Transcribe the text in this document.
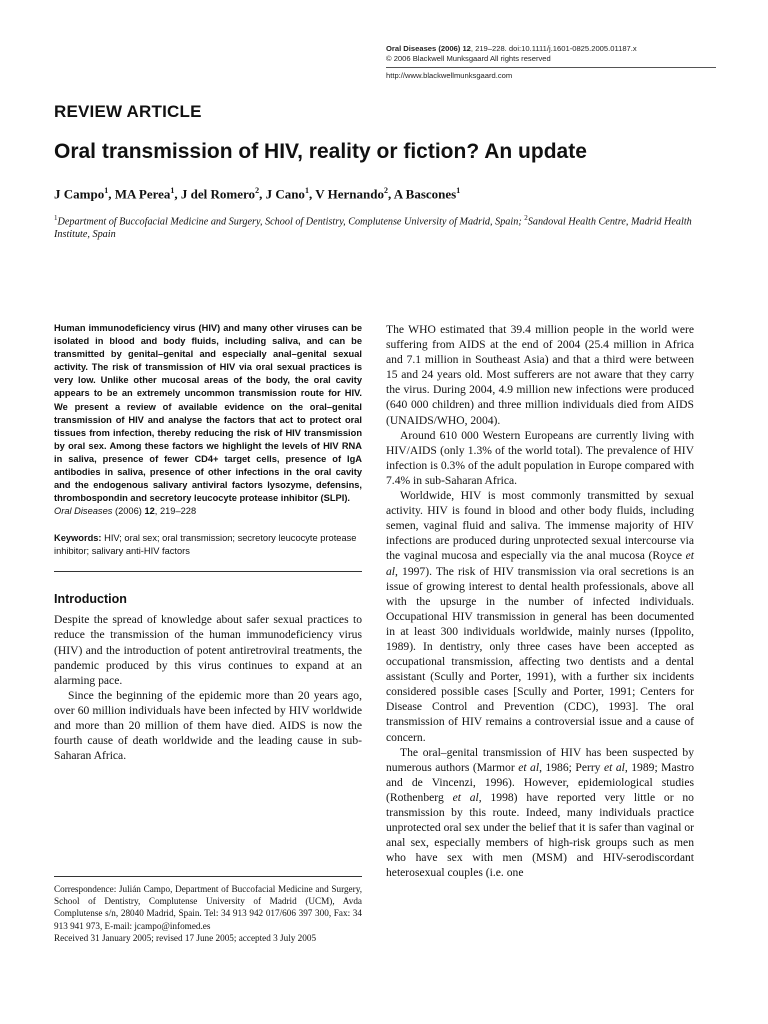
Oral Diseases (2006) 12, 219–228. doi:10.1111/j.1601-0825.2005.01187.x
© 2006 Blackwell Munksgaard All rights reserved
http://www.blackwellmunksgaard.com
REVIEW ARTICLE
Oral transmission of HIV, reality or fiction? An update
J Campo$^1$, MA Perea$^1$, J del Romero$^2$, J Cano$^1$, V Hernando$^2$, A Bascones$^1$
$^1$Department of Buccofacial Medicine and Surgery, School of Dentistry, Complutense University of Madrid, Spain; $^2$Sandoval Health Centre, Madrid Health Institute, Spain

Human immunodeficiency virus (HIV) and many other viruses can be isolated in blood and body fluids, including saliva, and can be transmitted by genital–genital and especially anal–genital sexual activity. The risk of transmission of HIV via oral sexual practices is very low. Unlike other mucosal areas of the body, the oral cavity appears to be an extremely uncommon transmission route for HIV. We present a review of available evidence on the oral–genital transmission of HIV and analyse the factors that act to protect oral tissues from infection, thereby reducing the risk of HIV transmission by oral sex. Among these factors we highlight the levels of HIV RNA in saliva, presence of fewer CD4+ target cells, presence of IgA antibodies in saliva, presence of other infections in the oral cavity and the endogenous salivary antiviral factors lysozyme, defensins, thrombospondin and secretory leucocyte protease inhibitor (SLPI).

Oral Diseases (2006) 12, 219–228

Keywords: HIV; oral sex; oral transmission; secretory leucocyte protease inhibitor; salivary anti-HIV factors

Introduction

Despite the spread of knowledge about safer sexual practices to reduce the transmission of the human immunodeficiency virus (HIV) and the introduction of potent antiretroviral treatments, the pandemic produced by this virus continues to expand at an alarming pace.

Since the beginning of the epidemic more than 20 years ago, over 60 million individuals have been infected by HIV worldwide and more than 20 million of them have died. AIDS is now the fourth cause of death worldwide and the leading cause in sub-Saharan Africa.

Correspondence: Julián Campo, Department of Buccofacial Medicine and Surgery, School of Dentistry, Complutense University of Madrid (UCM), Avda Complutense s/n, 28040 Madrid, Spain. Tel: 34 913 942 017/606 397 300, Fax: 34 913 941 973, E-mail: jcampo@infomed.es

Received 31 January 2005; revised 17 June 2005; accepted 3 July 2005

The WHO estimated that 39.4 million people in the world were suffering from AIDS at the end of 2004 (25.4 million in Africa and 7.1 million in Southeast Asia) and that a third were between 15 and 24 years old. Most sufferers are not aware that they carry the virus. During 2004, 4.9 million new infections were produced (640 000 children) and three million individuals died from AIDS (UNAIDS/WHO, 2004).

Around 610 000 Western Europeans are currently living with HIV/AIDS (only 1.3% of the world total). The prevalence of HIV infection is 0.3% of the adult population in Europe compared with 7.4% in sub-Saharan Africa.

Worldwide, HIV is most commonly transmitted by sexual activity. HIV is found in blood and other body fluids, including semen, vaginal fluid and saliva. The immense majority of HIV infections are produced during unprotected sexual intercourse via the vaginal mucosa and especially via the anal mucosa (Royce et al, 1997). The risk of HIV transmission via oral secretions is an issue of growing interest to dental health professionals, above all with the upsurge in the number of infected individuals. Occupational HIV transmission in general has been documented in at least 300 individuals worldwide, mainly nurses (Ippolito, 1989). In dentistry, only three cases have been accepted as occupational transmission, affecting two dentists and a dental assistant (Scully and Porter, 1991), with a further six incidents considered possible cases [Scully and Porter, 1991; Centers for Disease Control and Prevention (CDC), 1993]. The oral transmission of HIV remains a controversial issue and a cause of concern.

The oral–genital transmission of HIV has been suspected by numerous authors (Marmor et al, 1986; Perry et al, 1989; Mastro and de Vincenzi, 1996). However, epidemiological studies (Rothenberg et al, 1998) have reported very little or no transmission by this route. Indeed, many individuals practice unprotected oral sex under the belief that it is safer than vaginal or anal sex, especially members of high-risk groups such as men who have sex with men (MSM) and HIV-serodiscordant heterosexual couples (i.e. one
